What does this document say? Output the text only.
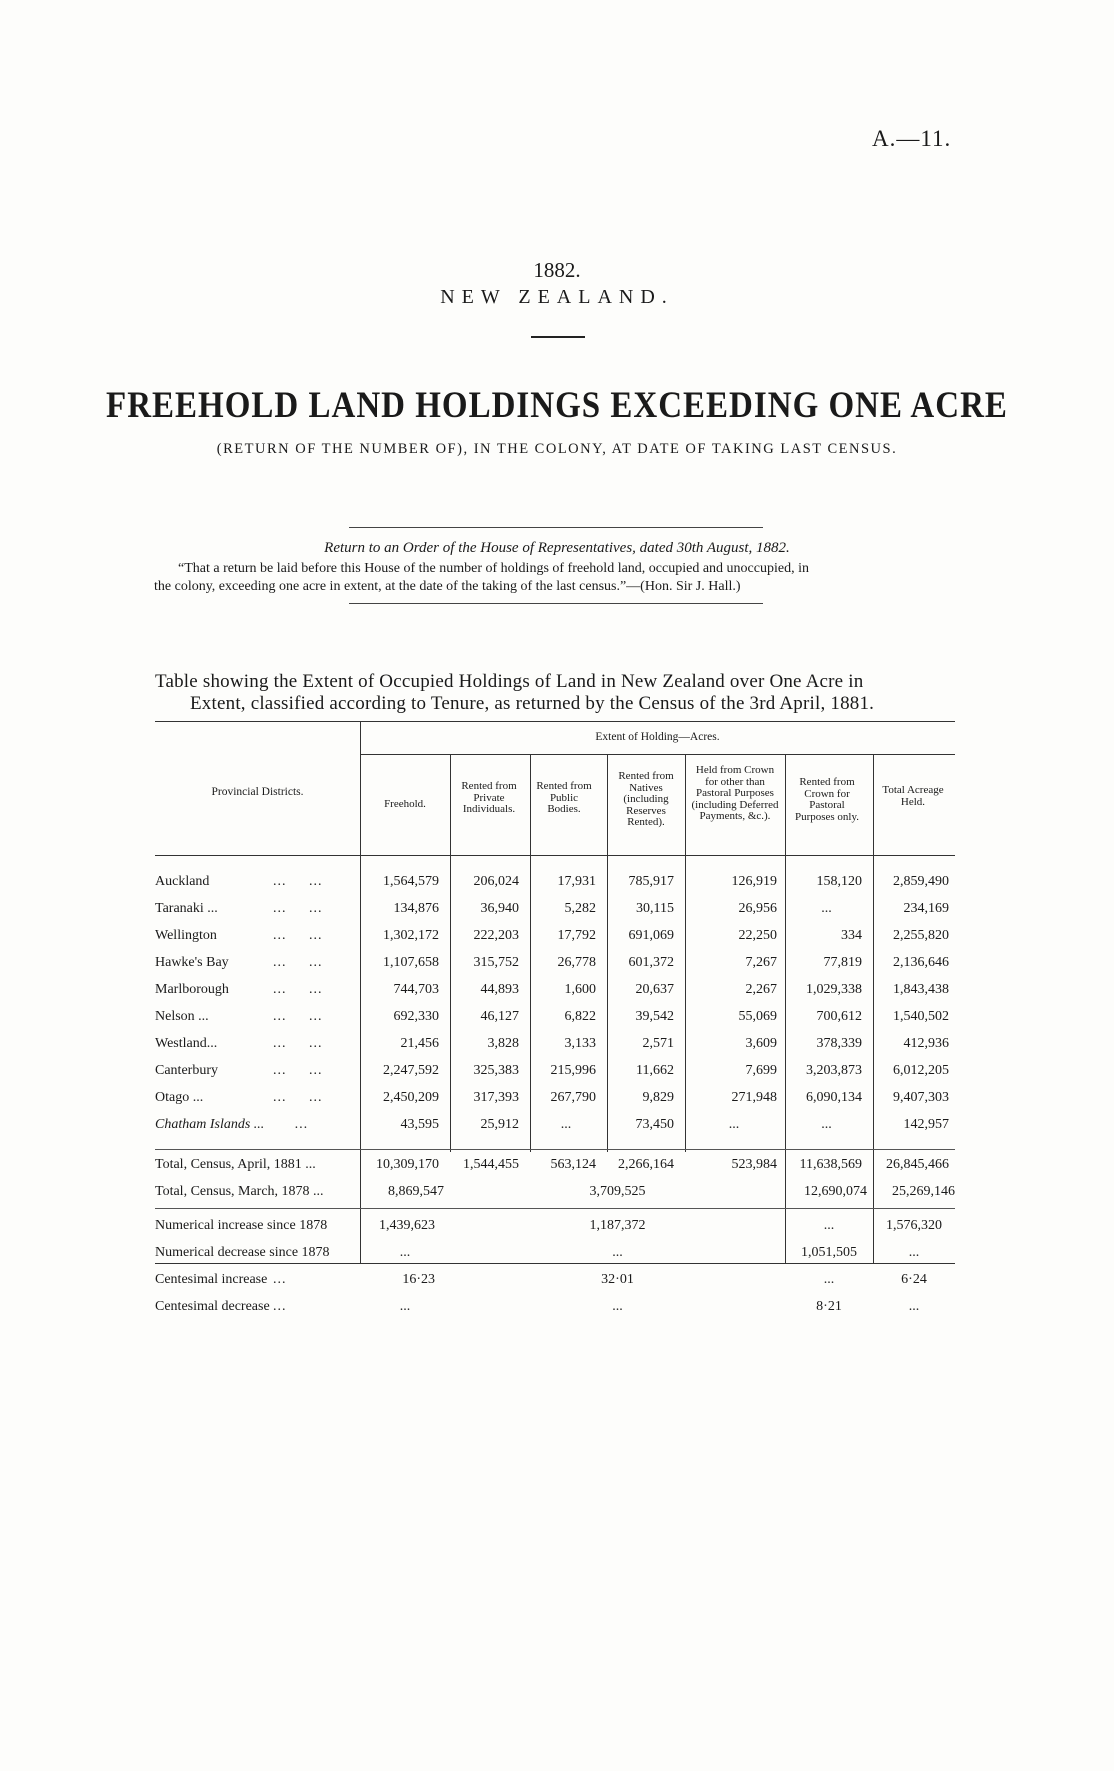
A.—11.
1882.
NEW ZEALAND.
FREEHOLD LAND HOLDINGS EXCEEDING ONE ACRE
(RETURN OF THE NUMBER OF), IN THE COLONY, AT DATE OF TAKING LAST CENSUS.
Return to an Order of the House of Representatives, dated 30th August, 1882.
“That a return be laid before this House of the number of holdings of freehold land, occupied and unoccupied, in
the colony, exceeding one acre in extent, at the date of the taking of the last census.”—(Hon. Sir J. Hall.)
Table showing the Extent of Occupied Holdings of Land in New Zealand over One Acre in
Extent, classified according to Tenure, as returned by the Census of the 3rd April, 1881.
Extent of Holding—Acres.
Provincial Districts.
Freehold.
Rented from Private Individuals.
Rented from Public Bodies.
Rented from Natives (including Reserves Rented).
Held from Crown for other than Pastoral Purposes (including Deferred Payments, &c.).
Rented from Crown for Pastoral Purposes only.
Total Acreage Held.
Auckland	...     ...	1,564,579	206,024	17,931	785,917	126,919	158,120	2,859,490
Taranaki ...	...     ...	134,876	36,940	5,282	30,115	26,956	...	234,169
Wellington	...     ...	1,302,172	222,203	17,792	691,069	22,250	334	2,255,820
Hawke's Bay	...     ...	1,107,658	315,752	26,778	601,372	7,267	77,819	2,136,646
Marlborough	...     ...	744,703	44,893	1,600	20,637	2,267	1,029,338	1,843,438
Nelson ...	...     ...	692,330	46,127	6,822	39,542	55,069	700,612	1,540,502
Westland...	...     ...	21,456	3,828	3,133	2,571	3,609	378,339	412,936
Canterbury	...     ...	2,247,592	325,383	215,996	11,662	7,699	3,203,873	6,012,205
Otago ...	...     ...	2,450,209	317,393	267,790	9,829	271,948	6,090,134	9,407,303
Chatham Islands ... ...	43,595	25,912	...	73,450	...	...	142,957
Total, Census, April, 1881 ...	10,309,170	1,544,455	563,124	2,266,164	523,984	11,638,569	26,845,466
Total, Census, March, 1878 ...	8,869,547	3,709,525	12,690,074	25,269,146
Numerical increase since 1878	1,439,623	1,187,372	...	1,576,320
Numerical decrease since 1878	...	...	1,051,505	...
Centesimal increase ...	16·23	32·01	...	6·24
Centesimal decrease ...	...	...	8·21	...
